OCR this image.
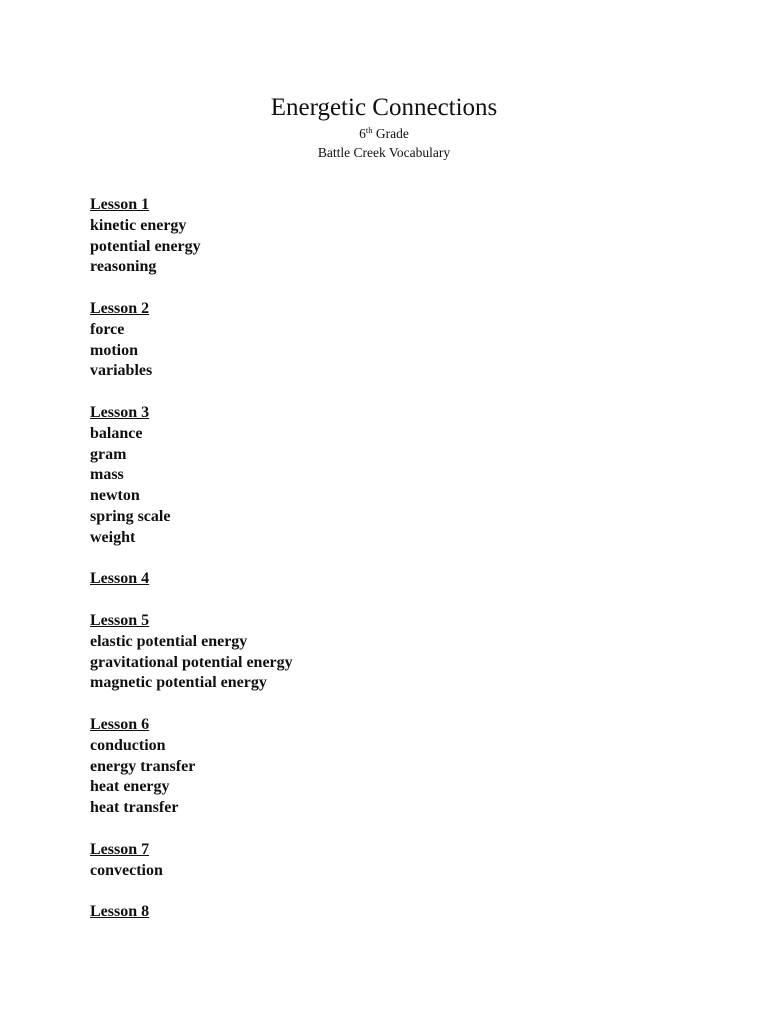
Energetic Connections
6th Grade
Battle Creek Vocabulary
Lesson 1
kinetic energy
potential energy
reasoning
Lesson 2
force
motion
variables
Lesson 3
balance
gram
mass
newton
spring scale
weight
Lesson 4
Lesson 5
elastic potential energy
gravitational potential energy
magnetic potential energy
Lesson 6
conduction
energy transfer
heat energy
heat transfer
Lesson 7
convection
Lesson 8
